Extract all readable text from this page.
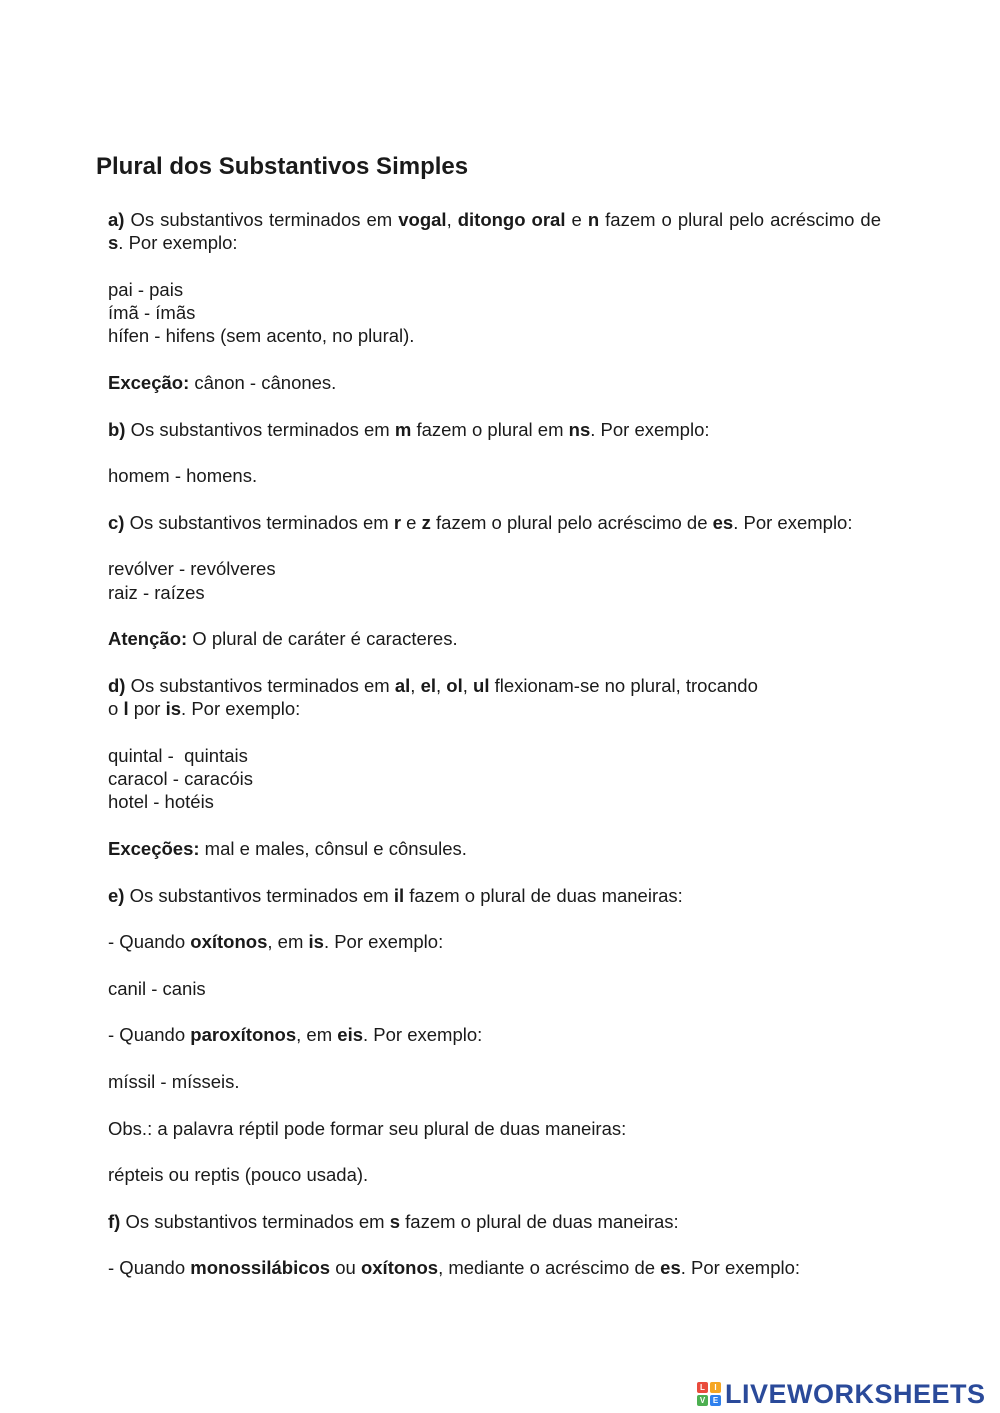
Plural dos Substantivos Simples

a) Os substantivos terminados em vogal, ditongo oral e n fazem o plural pelo acréscimo de s. Por exemplo:

pai - pais
ímã - ímãs
hífen - hifens (sem acento, no plural).

Exceção: cânon - cânones.

b) Os substantivos terminados em m fazem o plural em ns. Por exemplo:

homem - homens.

c) Os substantivos terminados em r e z fazem o plural pelo acréscimo de es. Por exemplo:

revólver - revólveres
raiz - raízes

Atenção: O plural de caráter é caracteres.

d) Os substantivos terminados em al, el, ol, ul flexionam-se no plural, trocando
o l por is. Por exemplo:

quintal -  quintais
caracol - caracóis
hotel - hotéis

Exceções: mal e males, cônsul e cônsules.

e) Os substantivos terminados em il fazem o plural de duas maneiras:

- Quando oxítonos, em is. Por exemplo:

canil - canis

- Quando paroxítonos, em eis. Por exemplo:

míssil - mísseis.

Obs.: a palavra réptil pode formar seu plural de duas maneiras:

répteis ou reptis (pouco usada).

f) Os substantivos terminados em s fazem o plural de duas maneiras:

- Quando monossilábicos ou oxítonos, mediante o acréscimo de es. Por exemplo:

L	I
V E LIVEWORKSHEETS
